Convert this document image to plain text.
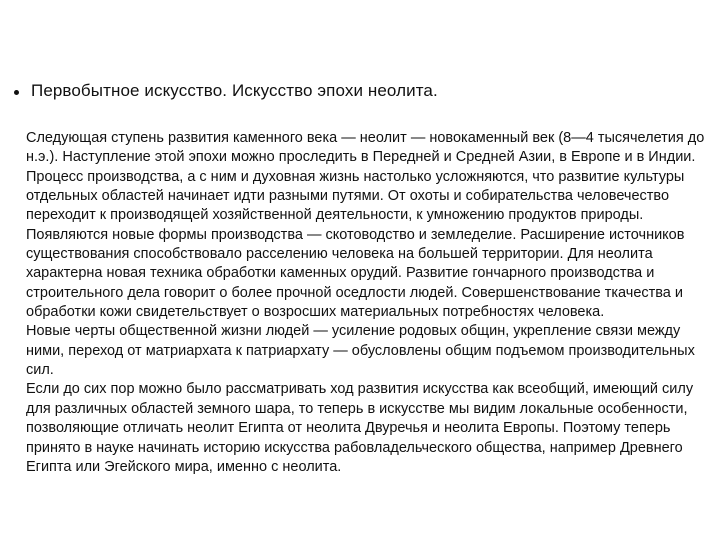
Первобытное искусство. Искусство эпохи неолита.

Следующая ступень развития каменного века — неолит — новокаменный век (8—4 тысячелетия до н.э.). Наступление этой эпохи можно проследить в Передней и Средней Азии, в Европе и в Индии. Процесс производства, а с ним и духовная жизнь настолько усложняются, что развитие культуры отдельных областей начинает идти разными путями. От охоты и собирательства человечество переходит к производящей хозяйственной деятельности, к умножению продуктов природы. Появляются новые формы производства — скотоводство и земледелие. Расширение источников существования способствовало расселению человека на большей территории. Для неолита характерна новая техника обработки каменных орудий. Развитие гончарного производства и строительного дела говорит о более прочной оседлости людей. Совершенствование ткачества и обработки кожи свидетельствует о возросших материальных потребностях человека.

Новые черты общественной жизни людей — усиление родовых общин, укрепление связи между ними, переход от матриархата к патриархату — обусловлены общим подъемом производительных сил.

Если до сих пор можно было рассматривать ход развития искусства как всеобщий, имеющий силу для различных областей земного шара, то теперь в искусстве мы видим локальные особенности, позволяющие отличать неолит Египта от неолита Двуречья и неолита Европы. Поэтому теперь принято в науке начинать историю искусства рабовладельческого общества, например Древнего Египта или Эгейского мира, именно с неолита.
